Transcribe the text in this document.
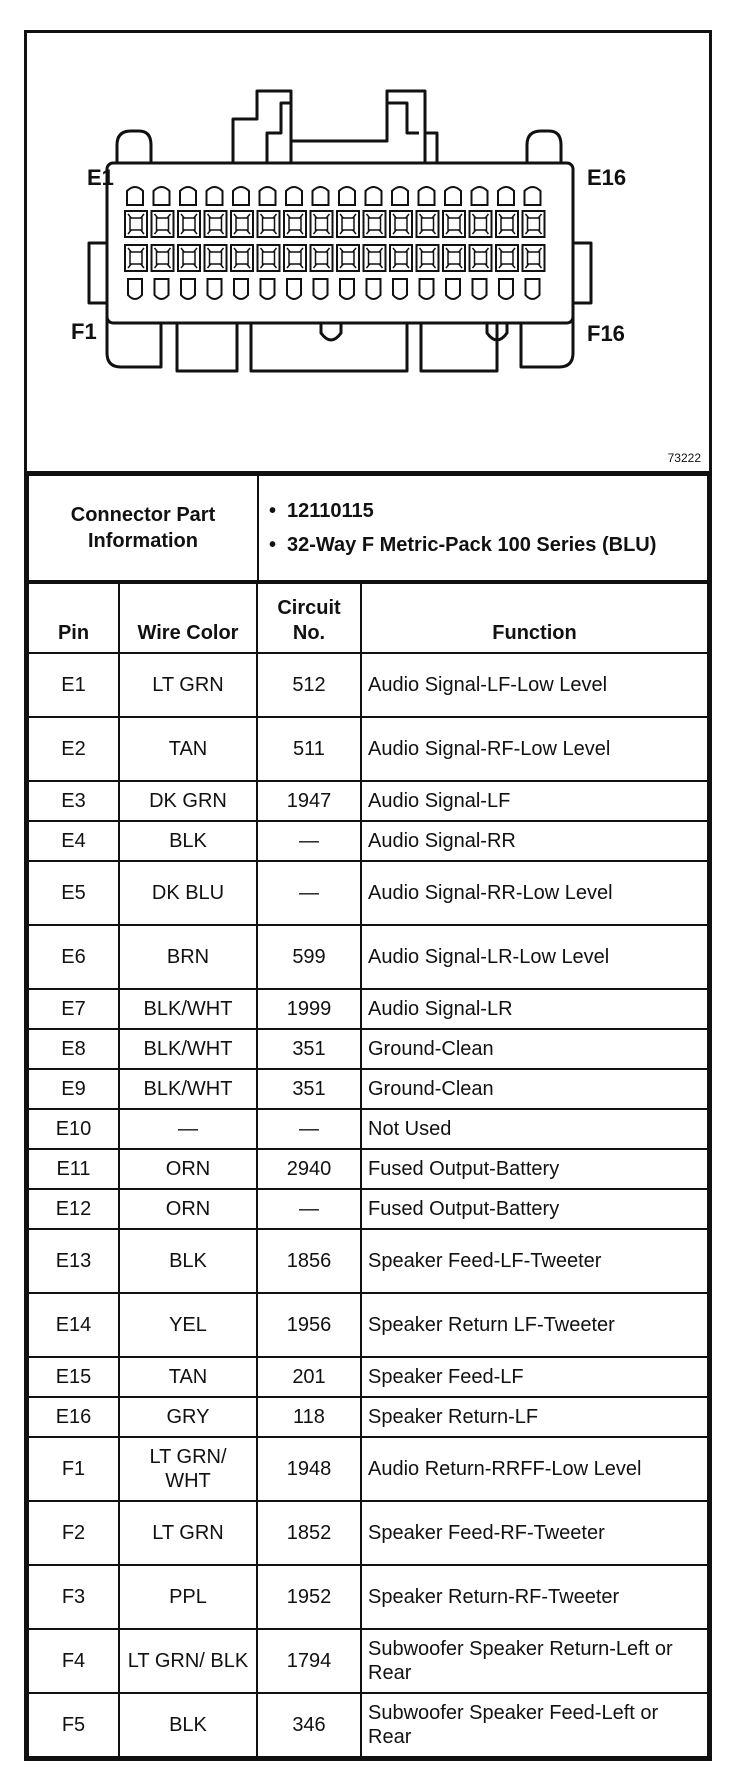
E1	E16
F1	F16
73222
Connector Part Information	
• 12110115
• 32-Way F Metric-Pack 100 Series (BLU)
Pin	Wire Color	Circuit No.	Function
E1	LT GRN	512	Audio Signal-LF-Low Level
E2	TAN	511	Audio Signal-RF-Low Level
E3	DK GRN	1947	Audio Signal-LF
E4	BLK	—	Audio Signal-RR
E5	DK BLU	—	Audio Signal-RR-Low Level
E6	BRN	599	Audio Signal-LR-Low Level
E7	BLK/WHT	1999	Audio Signal-LR
E8	BLK/WHT	351	Ground-Clean
E9	BLK/WHT	351	Ground-Clean
E10	—	—	Not Used
E11	ORN	2940	Fused Output-Battery
E12	ORN	—	Fused Output-Battery
E13	BLK	1856	Speaker Feed-LF-Tweeter
E14	YEL	1956	Speaker Return LF-Tweeter
E15	TAN	201	Speaker Feed-LF
E16	GRY	118	Speaker Return-LF
F1	LT GRN/ WHT	1948	Audio Return-RRFF-Low Level
F2	LT GRN	1852	Speaker Feed-RF-Tweeter
F3	PPL	1952	Speaker Return-RF-Tweeter
F4	LT GRN/ BLK	1794	Subwoofer Speaker Return-Left or Rear
F5	BLK	346	Subwoofer Speaker Feed-Left or Rear
